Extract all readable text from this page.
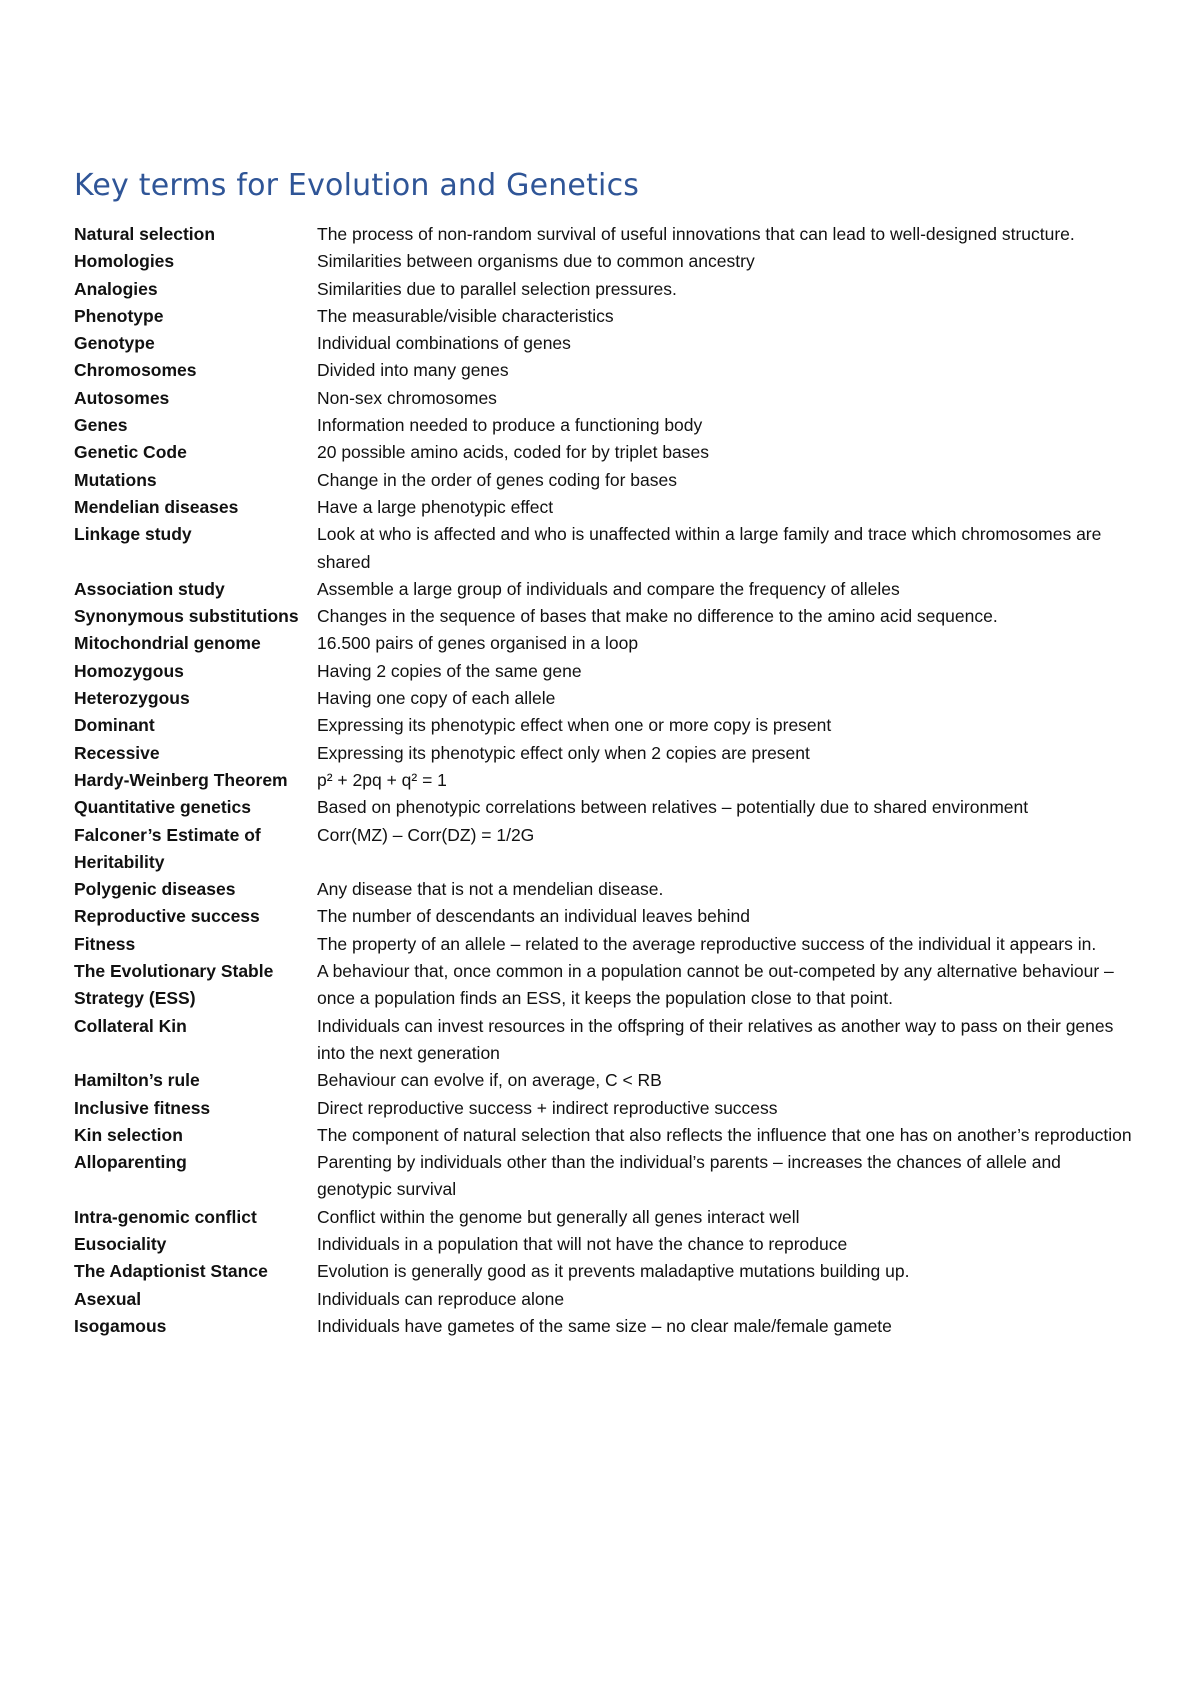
Key terms for Evolution and Genetics
Natural selection	The process of non-random survival of useful innovations that can lead to well-designed structure.
Homologies	Similarities between organisms due to common ancestry
Analogies	Similarities due to parallel selection pressures.
Phenotype	The measurable/visible characteristics
Genotype	Individual combinations of genes
Chromosomes	Divided into many genes
Autosomes	Non-sex chromosomes
Genes	Information needed to produce a functioning body
Genetic Code	20 possible amino acids, coded for by triplet bases
Mutations	Change in the order of genes coding for bases
Mendelian diseases	Have a large phenotypic effect
Linkage study	Look at who is affected and who is unaffected within a large family and trace which chromosomes are shared
Association study	Assemble a large group of individuals and compare the frequency of alleles
Synonymous substitutions	Changes in the sequence of bases that make no difference to the amino acid sequence.
Mitochondrial genome	16.500 pairs of genes organised in a loop
Homozygous	Having 2 copies of the same gene
Heterozygous	Having one copy of each allele
Dominant	Expressing its phenotypic effect when one or more copy is present
Recessive	Expressing its phenotypic effect only when 2 copies are present
Hardy-Weinberg Theorem	p² + 2pq + q² = 1
Quantitative genetics	Based on phenotypic correlations between relatives – potentially due to shared environment
Falconer’s Estimate of Heritability	Corr(MZ) – Corr(DZ) = 1/2G
Polygenic diseases	Any disease that is not a mendelian disease.
Reproductive success	The number of descendants an individual leaves behind
Fitness	The property of an allele – related to the average reproductive success of the individual it appears in.
The Evolutionary Stable Strategy (ESS)	A behaviour that, once common in a population cannot be out-competed by any alternative behaviour – once a population finds an ESS, it keeps the population close to that point.
Collateral Kin	Individuals can invest resources in the offspring of their relatives as another way to pass on their genes into the next generation
Hamilton’s rule	Behaviour can evolve if, on average, C < RB
Inclusive fitness	Direct reproductive success + indirect reproductive success
Kin selection	The component of natural selection that also reflects the influence that one has on another’s reproduction
Alloparenting	Parenting by individuals other than the individual’s parents – increases the chances of allele and genotypic survival
Intra-genomic conflict	Conflict within the genome but generally all genes interact well
Eusociality	Individuals in a population that will not have the chance to reproduce
The Adaptionist Stance	Evolution is generally good as it prevents maladaptive mutations building up.
Asexual	Individuals can reproduce alone
Isogamous	Individuals have gametes of the same size – no clear male/female gamete
